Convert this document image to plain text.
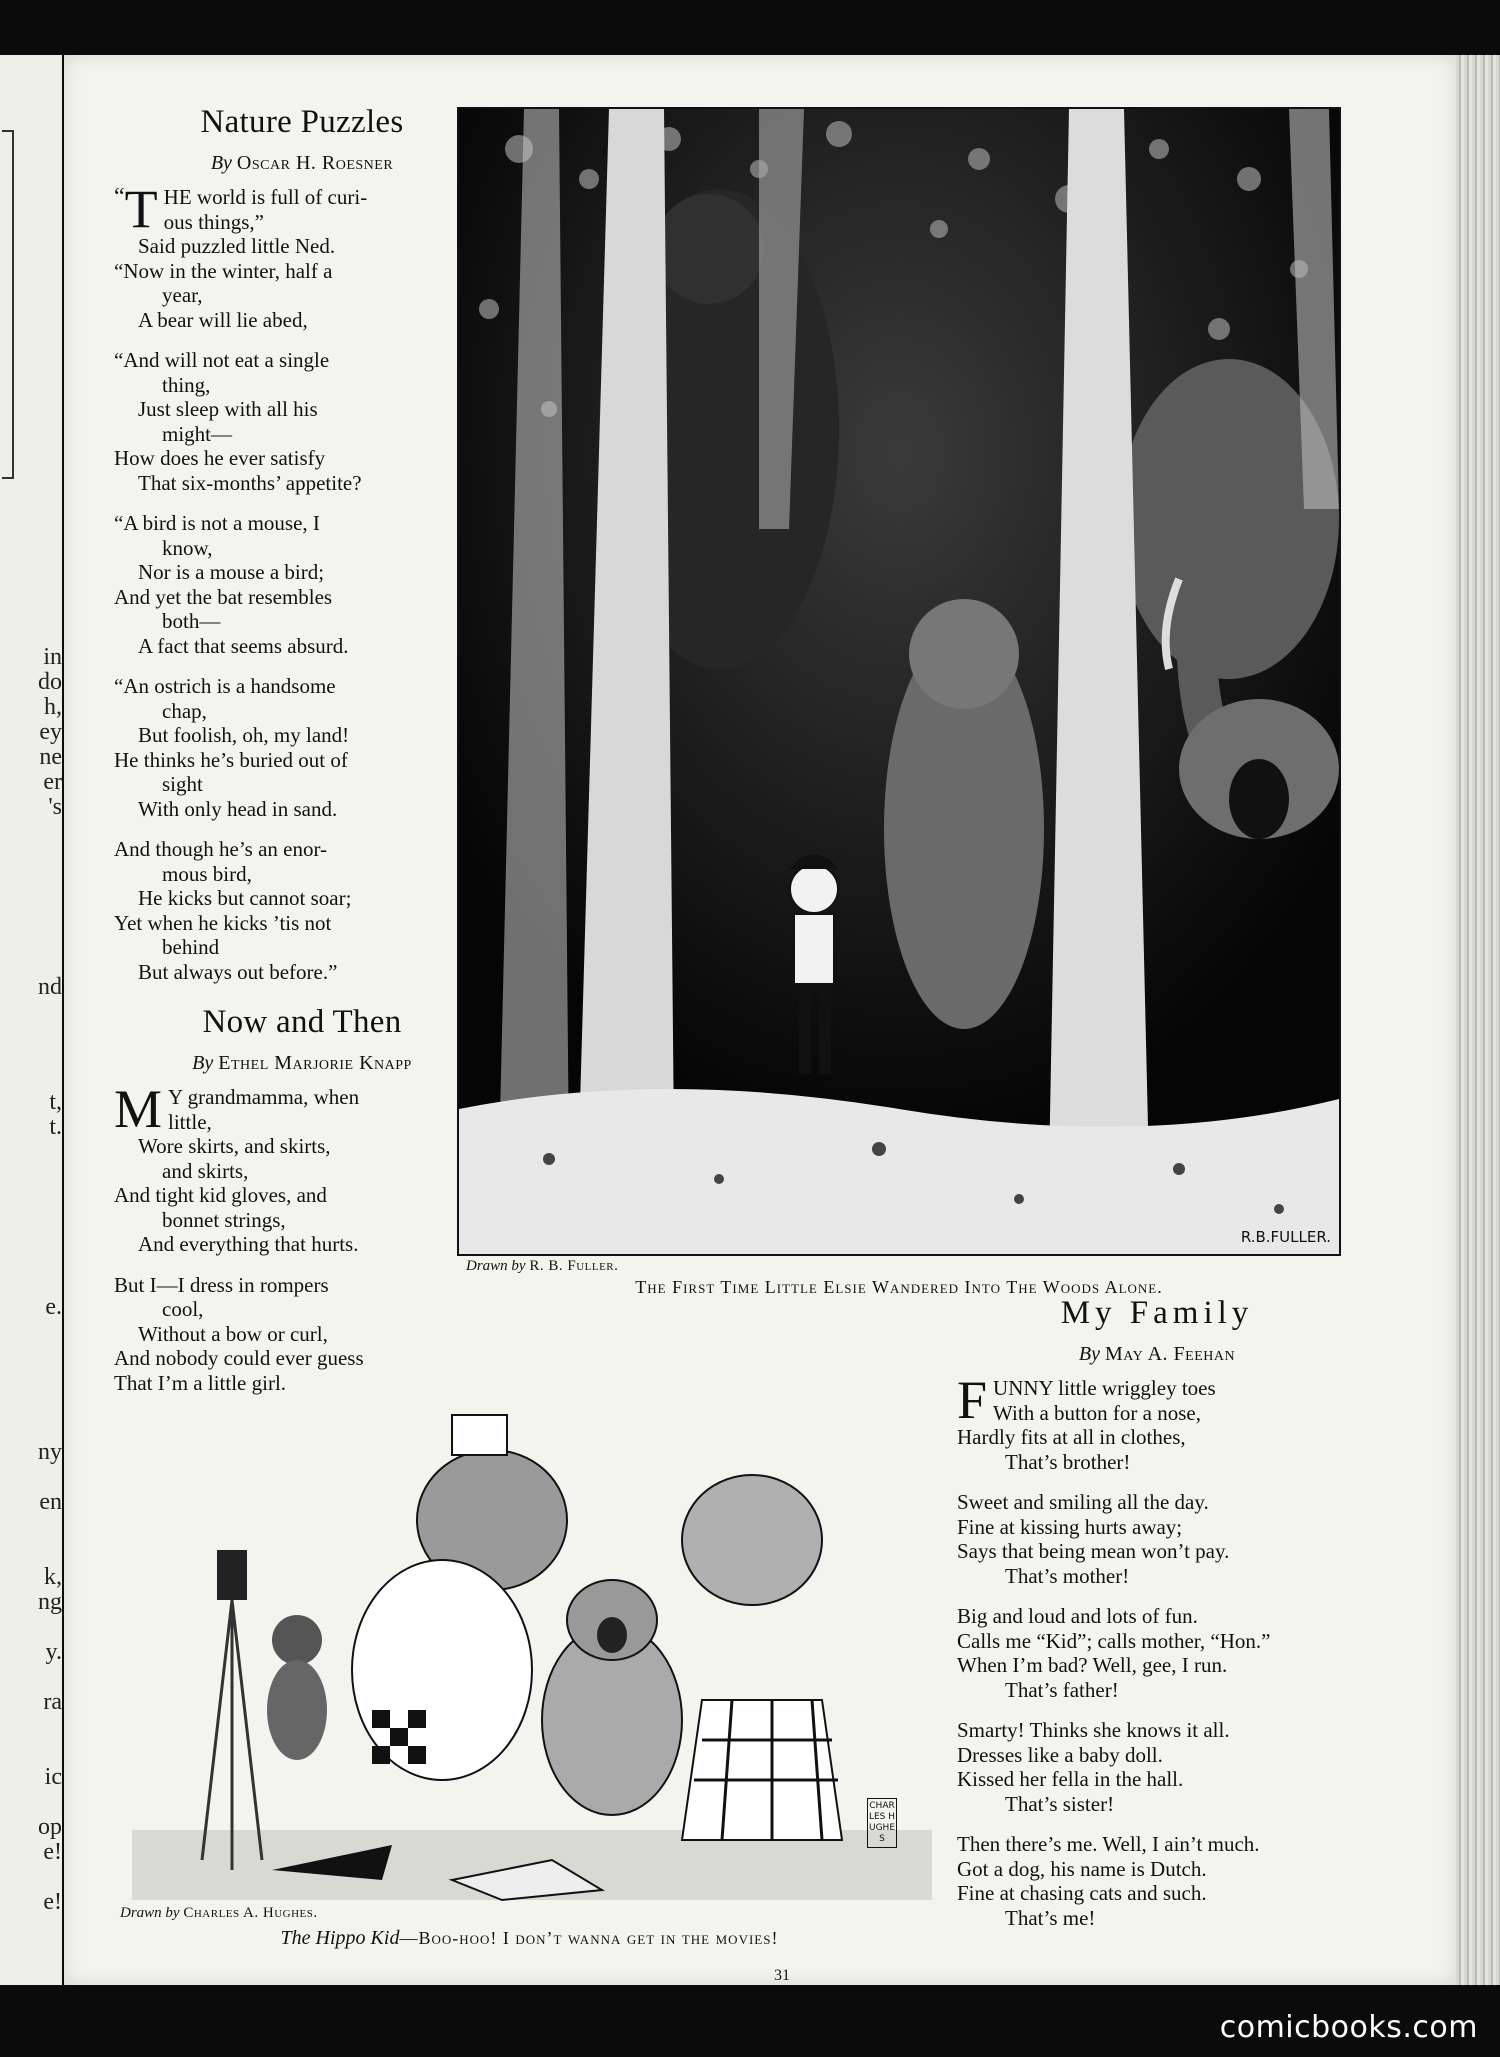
in
do
h,
ey
ne
er
's
nd
t,
t.
e.
ny
en
k,
ng
y.
ra
ic
op
e!
e!
Nature Puzzles
By Oscar H. Roesner
“ T HE world is full of curi-
ous things,”
Said puzzled little Ned.
“Now in the winter, half a
year,
A bear will lie abed,
“And will not eat a single
thing,
Just sleep with all his
might—
How does he ever satisfy
That six-months’ appetite?
“A bird is not a mouse, I
know,
Nor is a mouse a bird;
And yet the bat resembles
both—
A fact that seems absurd.
“An ostrich is a handsome
chap,
But foolish, oh, my land!
He thinks he’s buried out of
sight
With only head in sand.
And though he’s an enor-
mous bird,
He kicks but cannot soar;
Yet when he kicks ’tis not
behind
But always out before.”
Now and Then
By Ethel Marjorie Knapp
M Y grandmamma, when
little,
Wore skirts, and skirts,
and skirts,
And tight kid gloves, and
bonnet strings,
And everything that hurts.
But I—I dress in rompers
cool,
Without a bow or curl,
And nobody could ever guess
That I’m a little girl.
R.B.FULLER.
Drawn by R. B. Fuller.
The First Time Little Elsie Wandered Into The Woods Alone.
My Family
By May A. Feehan
F UNNY little wriggley toes
With a button for a nose,
Hardly fits at all in clothes,
That’s brother!
Sweet and smiling all the day.
Fine at kissing hurts away;
Says that being mean won’t pay.
That’s mother!
Big and loud and lots of fun.
Calls me “Kid”; calls mother, “Hon.”
When I’m bad? Well, gee, I run.
That’s father!
Smarty! Thinks she knows it all.
Dresses like a baby doll.
Kissed her fella in the hall.
That’s sister!
Then there’s me. Well, I ain’t much.
Got a dog, his name is Dutch.
Fine at chasing cats and such.
That’s me!
CHARLES HUGHES
Drawn by Charles A. Hughes.
The Hippo Kid—Boo-hoo! I don’t wanna get in the movies!
31
comicbooks.com
